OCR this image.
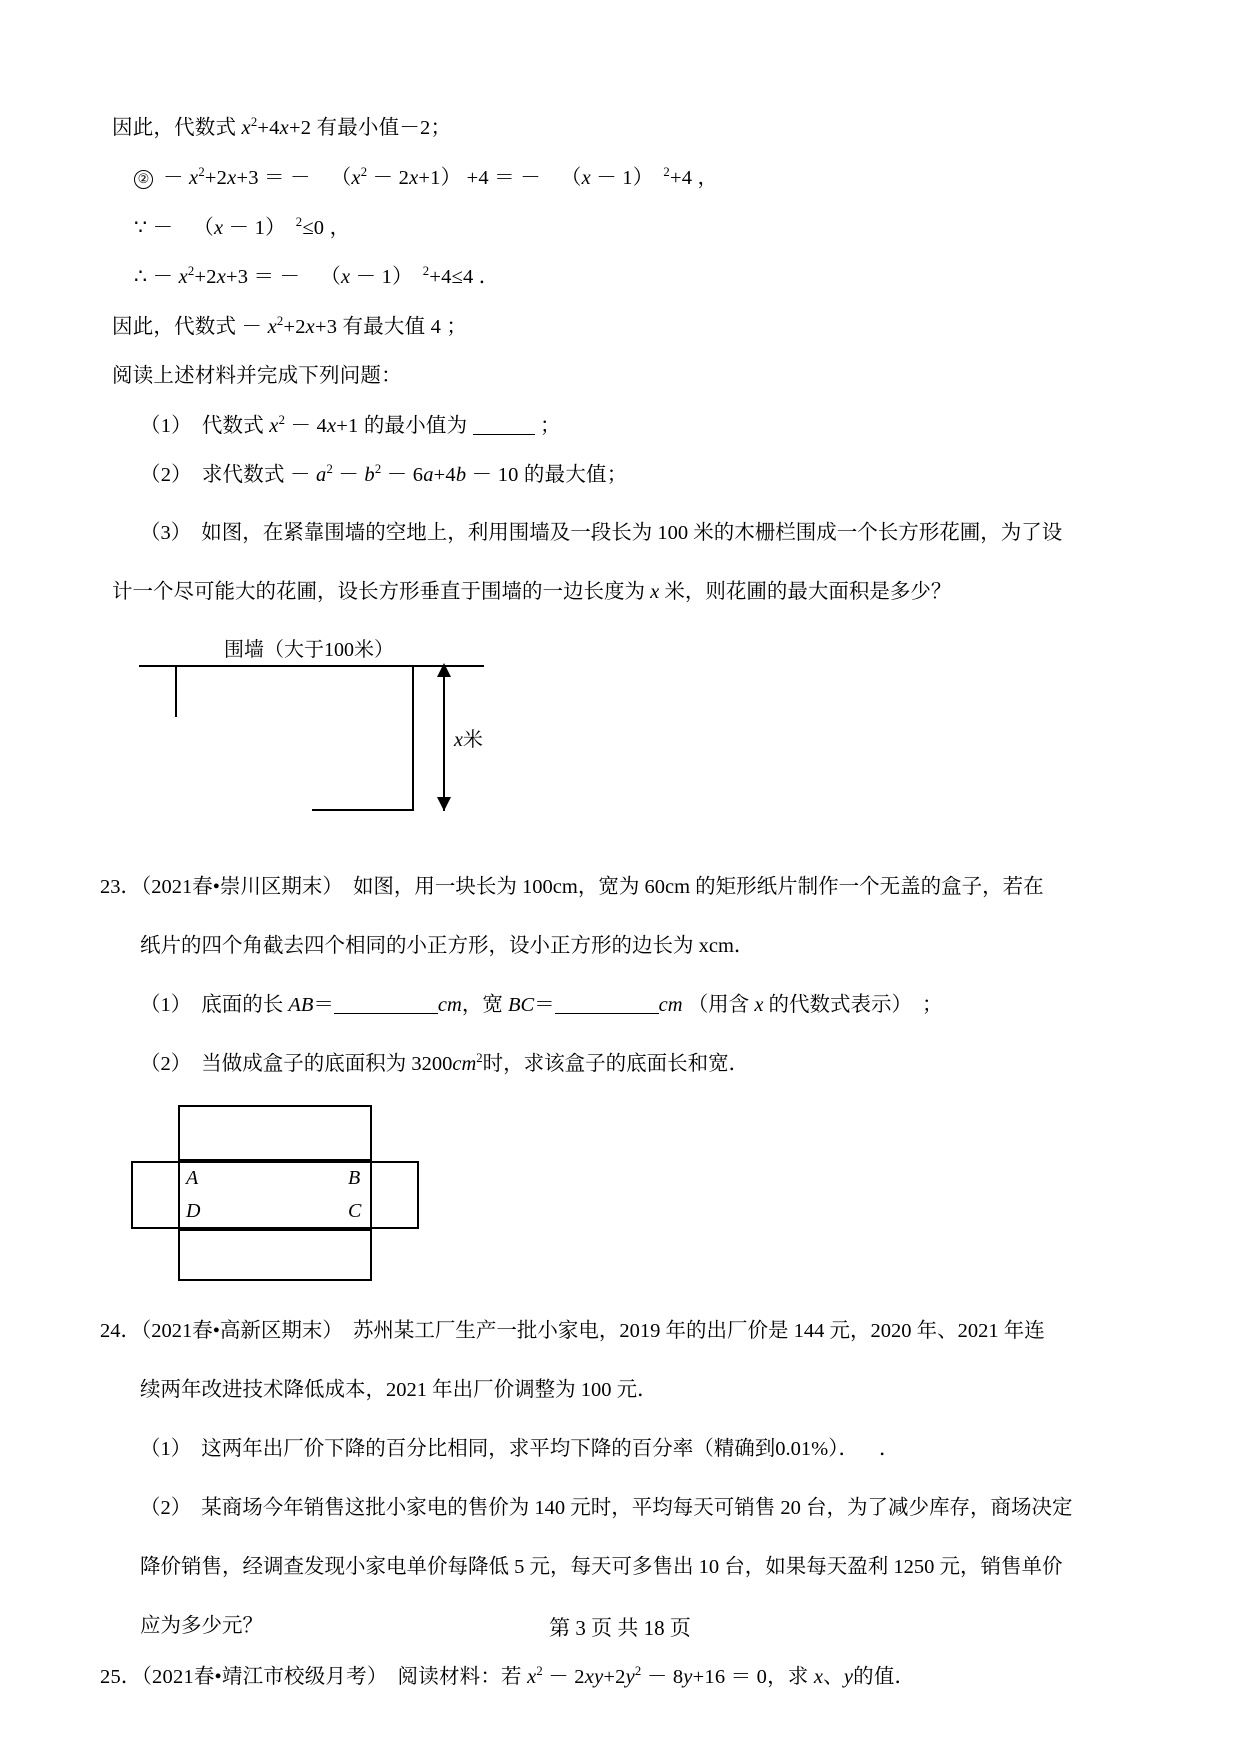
因此，代数式 $x^2+4x+2$ 有最小值－2；
② － $x^2+2x+3$ ＝ － $(x^2 - 2x+1) +4$ ＝ － （x － 1） $^2$+4 ，
∵ － （x － 1） $^2$≤0 ，
∴ － $x^2+2x+3$ ＝ － （x － 1） $^2$+4≤4 ．
因此，代数式 － $x^2+2x+3$ 有最大值 4 ；
阅读上述材料并完成下列问题：
（1） 代数式 $x^2 - 4x+1$ 的最小值为	；
（2） 求代数式 － $a^2 - b^2 - 6a+4b - 10$ 的最大值；
（3） 如图，在紧靠围墙的空地上，利用围墙及一段长为 100 米的木栅栏围成一个长方形花圃，为了设
计一个尽可能大的花圃，设长方形垂直于围墙的一边长度为 x 米，则花圃的最大面积是多少？
围墙（大于100米）
x米
23．（2021春•崇川区期末） 如图，用一块长为 100cm，宽为 60cm 的矩形纸片制作一个无盖的盒子，若在
纸片的四个角截去四个相同的小正方形，设小正方形的边长为 xcm．
（1） 底面的长 AB＝	cm，宽 BC＝	cm （用含 x 的代数式表示） ；
（2） 当做成盒子的底面积为 $3200cm^2$时，求该盒子的底面长和宽．
A	B
D	C
24．（2021春•高新区期末） 苏州某工厂生产一批小家电，2019 年的出厂价是 144 元，2020 年、2021 年连
续两年改进技术降低成本，2021 年出厂价调整为 100 元．
（1） 这两年出厂价下降的百分比相同，求平均下降的百分率（精确到0.01%）． ．
（2） 某商场今年销售这批小家电的售价为 140 元时，平均每天可销售 20 台，为了减少库存，商场决定
降价销售，经调查发现小家电单价每降低 5 元，每天可多售出 10 台，如果每天盈利 1250 元，销售单价
应为多少元？
25．（2021春•靖江市校级月考） 阅读材料：若 $x^2 - 2xy+2y^2 - 8y+16 = 0$，求 x、y的值．
第 3 页 共 18 页
